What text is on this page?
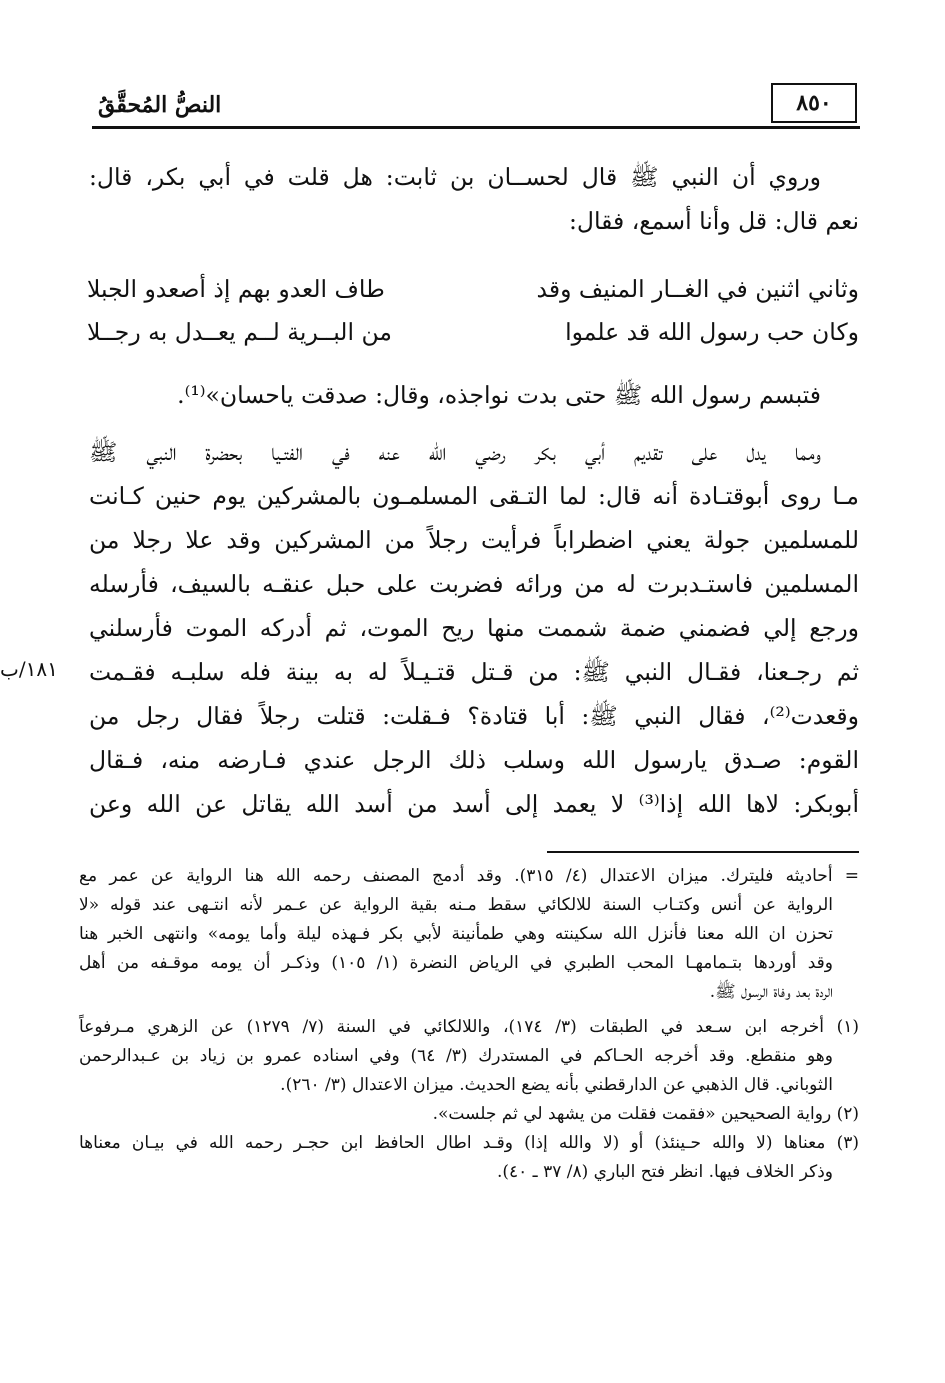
٨٥٠
النصُّ المُحقَّقُ
وروي أن النبي ﷺ قال لحســان بن ثابت: هل قلت في أبي بكر، قال:
نعم قال: قل وأنا أسمع، فقال:
وثاني اثنين في الغــار المنيف وقد
طاف العدو بهم إذ أصعدو الجبلا
وكان حب رسول الله قد علموا
من البــرية لــم يعــدل به رجــلا
فتبسم رسول الله ﷺ حتى بدت نواجذه، وقال: صدقت ياحسان»⁽¹⁾.
ومما يدل على تقديم أبي بكر رضي الله عنه في الفتـيا بحضرة النبي ﷺ
مـا روى أبوقتـادة أنه قال: لما التـقى المسلمـون بالمشركين يوم حنين كـانت
للمسلمين جولة يعني اضطراباً فرأيت رجلاً من المشركين وقد علا رجلا من
المسلمين فاستـدبرت له من ورائه فضربت على حبل عنقـه بالسيف، فأرسله
ورجع إلي فضمني ضمة شممت منها ريح الموت، ثم أدركه الموت فأرسلني
ثم رجـعنا، فقـال النبي ﷺ: من قـتل قتـيـلاً له به بينة فله سلبـه فقـمت
وقعدت⁽²⁾، فقال النبي ﷺ: أبا قتادة؟ فـقلت: قتلت رجلاً فقال رجل من
القوم: صـدق يارسول الله وسلب ذلك الرجل عندي فـارضه منه، فـقال
أبوبكر: لاها الله إذا⁽³⁾ لا يعمد إلى أسد من أسد الله يقاتل عن الله وعن
١٨١/ب
= أحاديثه فليترك. ميزان الاعتدال (٤/ ٣١٥). وقد أدمج المصنف رحمه الله هنا الرواية عن عمر مع
الرواية عن أنس وكتـاب السنة للالكائي سقط مـنه بقية الرواية عن عـمر لأنه انتـهى عند قوله «لا
تحزن ان الله معنا فأنزل الله سكينته وهي طمأنينة لأبي بكر فـهذه ليلة وأما يومه» وانتهى الخبر هنا
وقد أوردها بتـمامهـا المحب الطبري في الرياض النضرة (١/ ١٠٥) وذكـر أن يومه موقـفه من أهل
الردة بعد وفاة الرسول ﷺ.
(١) أخرجه ابن سـعد في الطبقات (٣/ ١٧٤)، واللالكائي في السنة (٧/ ١٢٧٩) عن الزهري مـرفوعاً
وهو منقطع. وقد أخرجه الحـاكم في المستدرك (٣/ ٦٤) وفي اسناده عمرو بن زياد بن عـبدالرحمن
الثوباني. قال الذهبي عن الدارقطني بأنه يضع الحديث. ميزان الاعتدال (٣/ ٢٦٠).
(٢) رواية الصحيحين «فقمت فقلت من يشهد لي ثم جلست».
(٣) معناها (لا والله حـينئذ) أو (لا والله إذا) وقـد اطال الحافظ ابن حجـر رحمه الله في بيـان معناها
وذكر الخلاف فيها. انظر فتح الباري (٨/ ٣٧ ـ ٤٠).
